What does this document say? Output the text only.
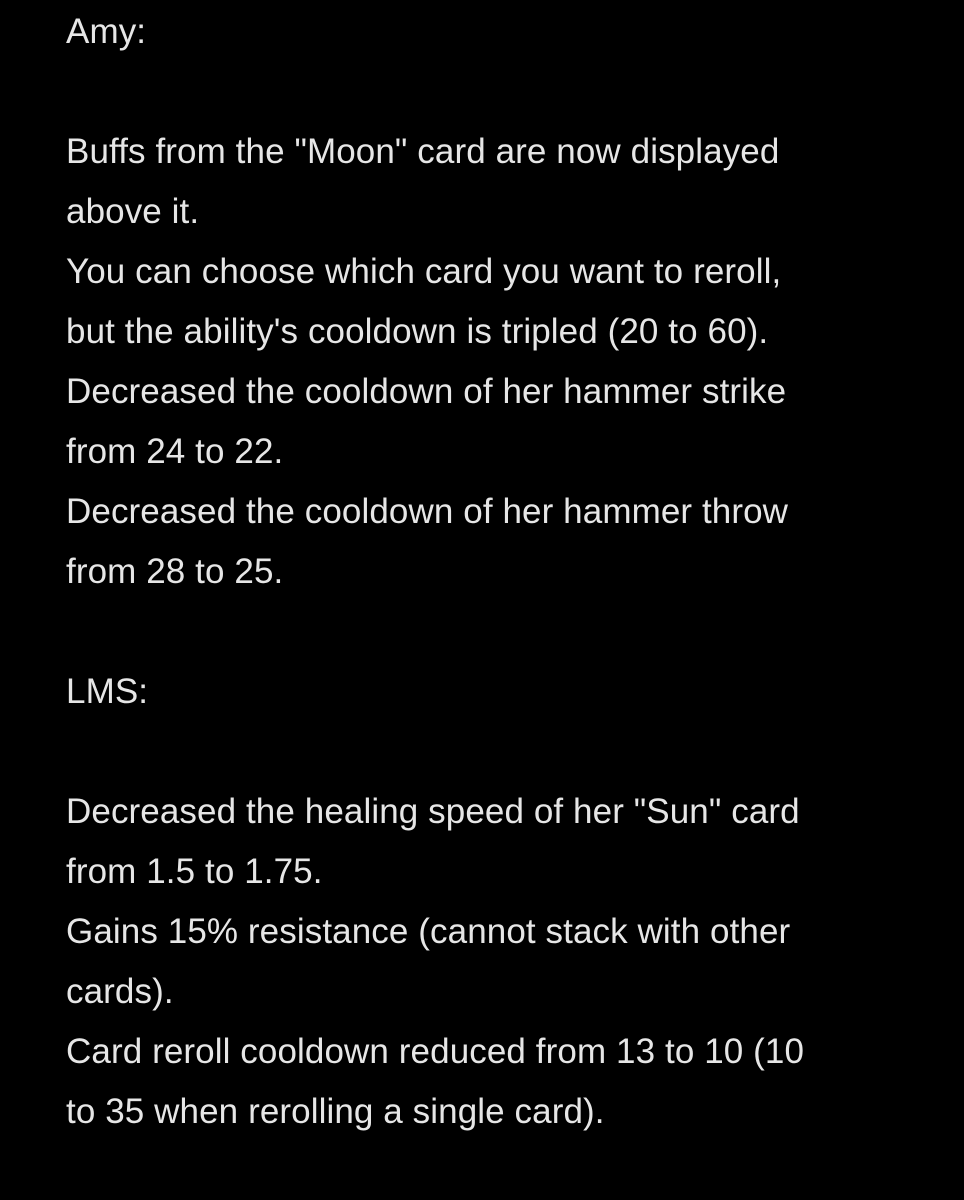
Amy:
Buffs from the "Moon" card are now displayed
above it.
You can choose which card you want to reroll,
but the ability's cooldown is tripled (20 to 60).
Decreased the cooldown of her hammer strike
from 24 to 22.
Decreased the cooldown of her hammer throw
from 28 to 25.
LMS:
Decreased the healing speed of her "Sun" card
from 1.5 to 1.75.
Gains 15% resistance (cannot stack with other
cards).
Card reroll cooldown reduced from 13 to 10 (10
to 35 when rerolling a single card).
